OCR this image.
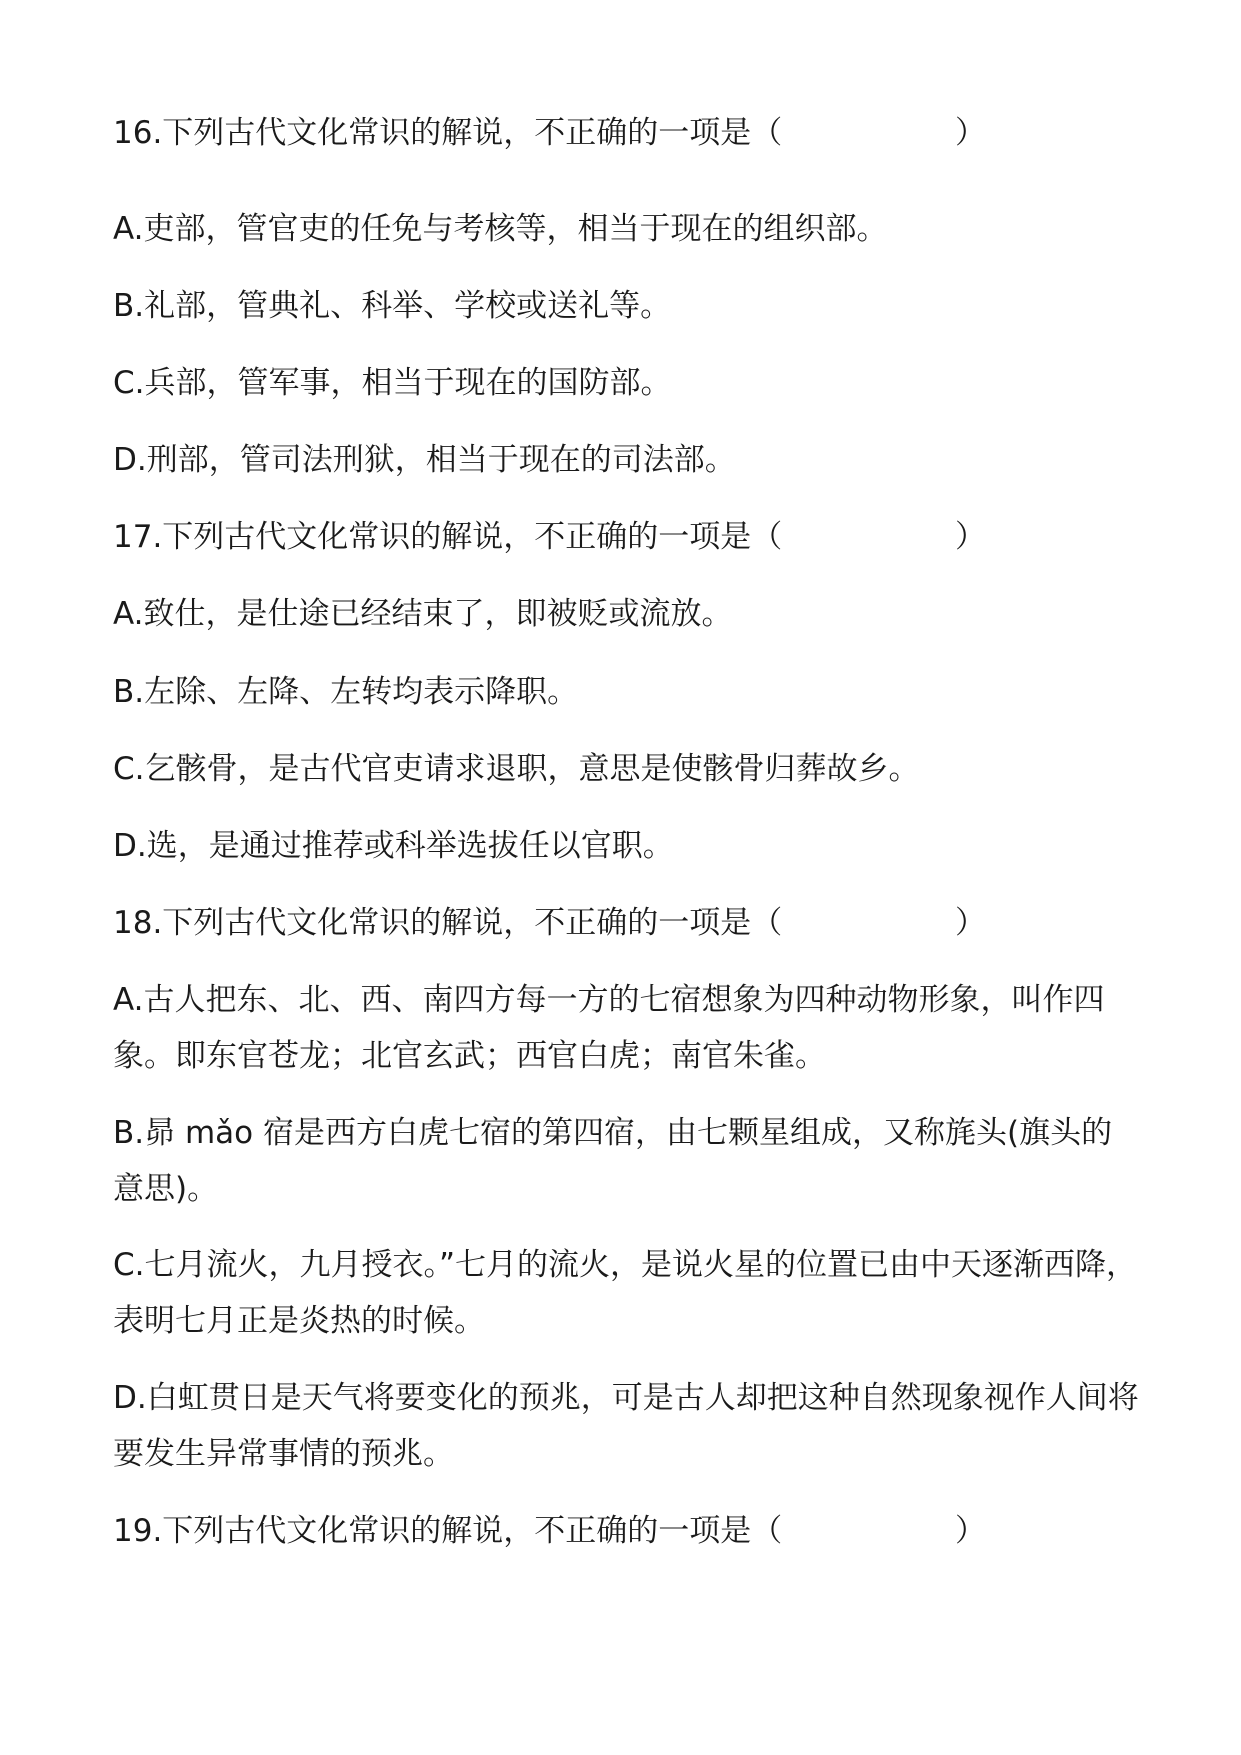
16.下列古代文化常识的解说，不正确的一项是（	）
A.吏部，管官吏的任免与考核等，相当于现在的组织部。
B.礼部，管典礼、科举、学校或送礼等。
C.兵部，管军事，相当于现在的国防部。
D.刑部，管司法刑狱，相当于现在的司法部。
17.下列古代文化常识的解说，不正确的一项是（	）
A.致仕，是仕途已经结束了，即被贬或流放。
B.左除、左降、左转均表示降职。
C.乞骸骨，是古代官吏请求退职，意思是使骸骨归葬故乡。
D.选，是通过推荐或科举选拔任以官职。
18.下列古代文化常识的解说，不正确的一项是（	）
A.古人把东、北、西、南四方每一方的七宿想象为四种动物形象，叫作四象。即东官苍龙；北官玄武；西官白虎；南官朱雀。
B.昴 mǎo 宿是西方白虎七宿的第四宿，由七颗星组成，又称旄头(旗头的意思)。
C.七月流火，九月授衣。”七月的流火，是说火星的位置已由中天逐渐西降，表明七月正是炎热的时候。
D.白虹贯日是天气将要变化的预兆，可是古人却把这种自然现象视作人间将要发生异常事情的预兆。
19.下列古代文化常识的解说，不正确的一项是（	）
